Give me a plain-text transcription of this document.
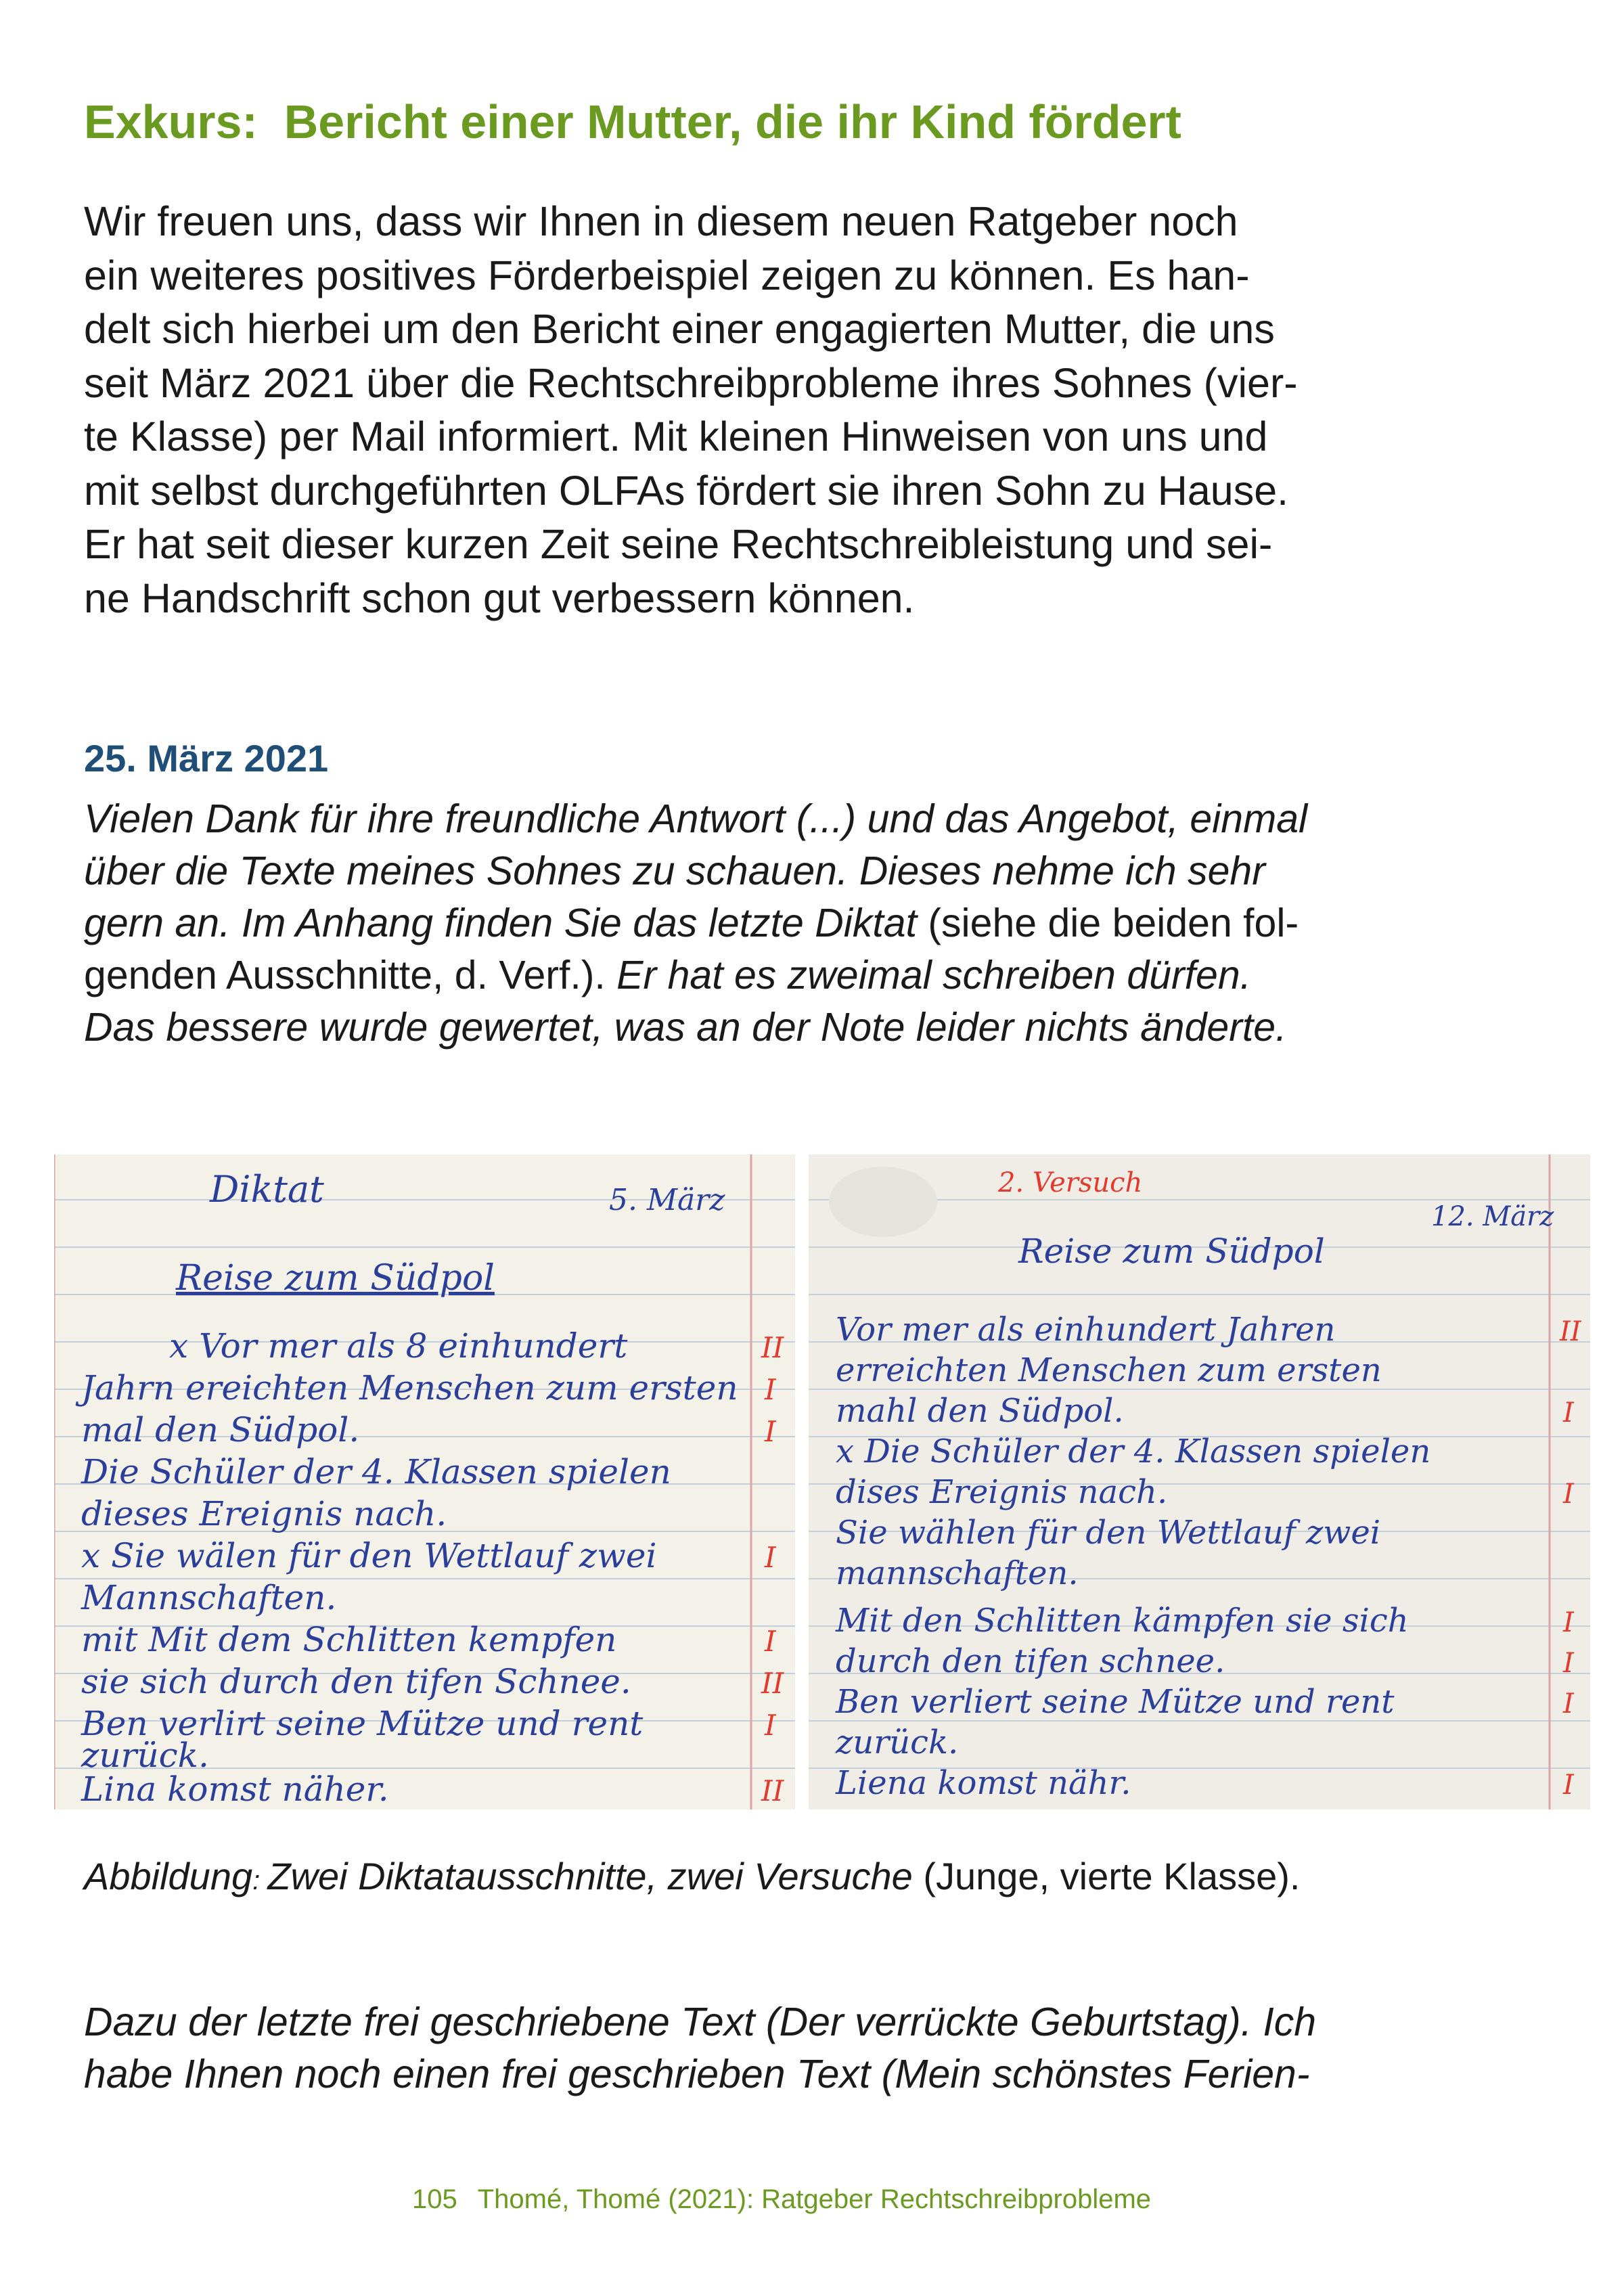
Exkurs:  Bericht einer Mutter, die ihr Kind fördert
Wir freuen uns, dass wir Ihnen in diesem neuen Ratgeber noch
ein weiteres positives Förderbeispiel zeigen zu können. Es han-
delt sich hierbei um den Bericht einer engagierten Mutter, die uns
seit März 2021 über die Rechtschreibprobleme ihres Sohnes (vier-
te Klasse) per Mail informiert. Mit kleinen Hinweisen von uns und
mit selbst durchgeführten OLFAs fördert sie ihren Sohn zu Hause.
Er hat seit dieser kurzen Zeit seine Rechtschreibleistung und sei-
ne Handschrift schon gut verbessern können.
25. März 2021
Vielen Dank für ihre freundliche Antwort (...) und das Angebot, einmal
über die Texte meines Sohnes zu schauen. Dieses nehme ich sehr
gern an. Im Anhang finden Sie das letzte Diktat (siehe die beiden fol-
genden Ausschnitte, d. Verf.). Er hat es zweimal schreiben dürfen.
Das bessere wurde gewertet, was an der Note leider nichts änderte.
Diktat	5. März
Reise zum Südpol
x Vor mer als 8 einhundert
Jahrn ereichten Menschen zum ersten
mal den Südpol.
Die Schüler der 4. Klassen spielen
dieses Ereignis nach.
x Sie wälen für den Wettlauf zwei
Mannschaften.
mit Mit dem Schlitten kempfen
sie sich durch den tifen Schnee.
Ben verlirt seine Mütze und rent
zurück.
Lina komst näher.
II
I
I
I
I
II
I
II
2. Versuch
12. März
Reise zum Südpol
Vor mer als einhundert Jahren
erreichten Menschen zum ersten
mahl den Südpol.
x Die Schüler der 4. Klassen spielen
dises Ereignis nach.
Sie wählen für den Wettlauf zwei
mannschaften.
Mit den Schlitten kämpfen sie sich
durch den tifen schnee.
Ben verliert seine Mütze und rent
zurück.
Liena komst nähr.
II
I
I
I
I
I
I

Abbildung: Zwei Diktatausschnitte, zwei Versuche (Junge, vierte Klasse).

Dazu der letzte frei geschriebene Text (Der verrückte Geburtstag). Ich
habe Ihnen noch einen frei geschrieben Text (Mein schönstes Ferien-

105 Thomé, Thomé (2021): Ratgeber Rechtschreibprobleme
